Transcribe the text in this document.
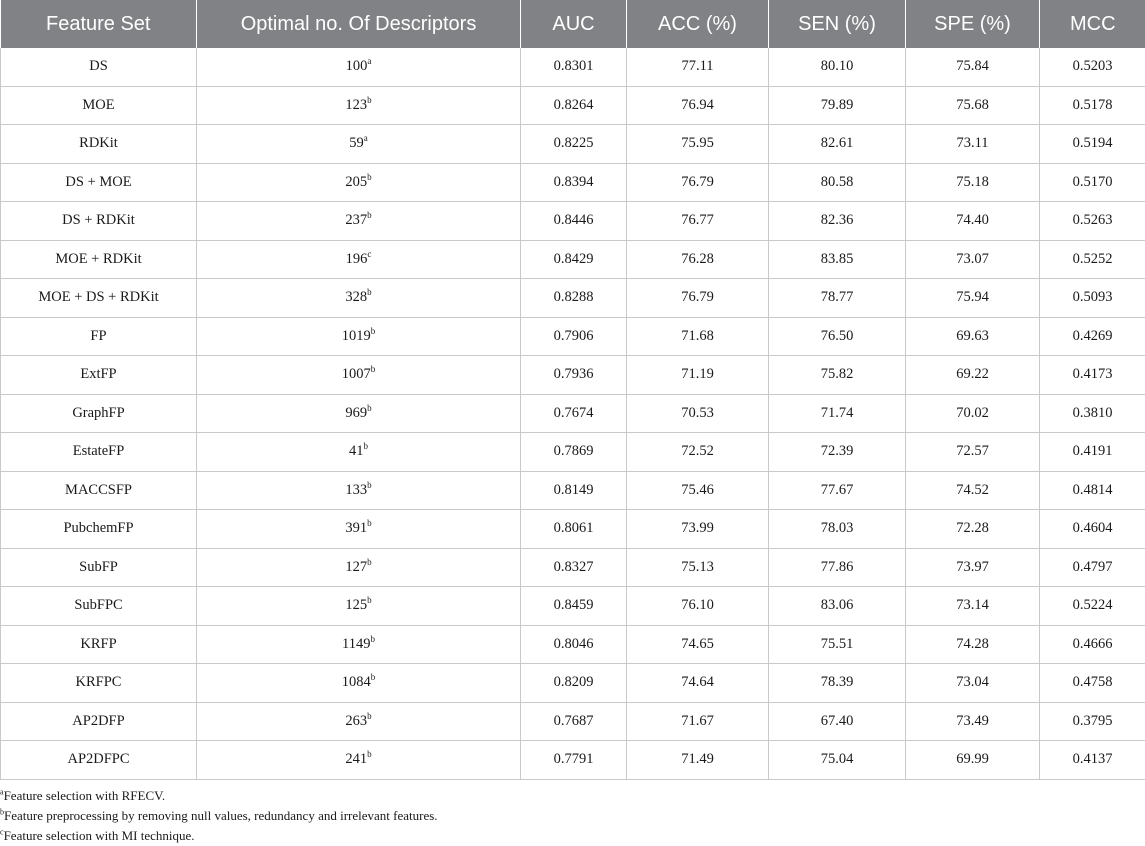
Feature Set	Optimal no. Of Descriptors	AUC	ACC (%)	SEN (%)	SPE (%)	MCC
DS	100$^a$	0.8301	77.11	80.10	75.84	0.5203
MOE	123$^b$	0.8264	76.94	79.89	75.68	0.5178
RDKit	59$^a$	0.8225	75.95	82.61	73.11	0.5194
DS + MOE	205$^b$	0.8394	76.79	80.58	75.18	0.5170
DS + RDKit	237$^b$	0.8446	76.77	82.36	74.40	0.5263
MOE + RDKit	196$^c$	0.8429	76.28	83.85	73.07	0.5252
MOE + DS + RDKit	328$^b$	0.8288	76.79	78.77	75.94	0.5093
FP	1019$^b$	0.7906	71.68	76.50	69.63	0.4269
ExtFP	1007$^b$	0.7936	71.19	75.82	69.22	0.4173
GraphFP	969$^b$	0.7674	70.53	71.74	70.02	0.3810
EstateFP	41$^b$	0.7869	72.52	72.39	72.57	0.4191
MACCSFP	133$^b$	0.8149	75.46	77.67	74.52	0.4814
PubchemFP	391$^b$	0.8061	73.99	78.03	72.28	0.4604
SubFP	127$^b$	0.8327	75.13	77.86	73.97	0.4797
SubFPC	125$^b$	0.8459	76.10	83.06	73.14	0.5224
KRFP	1149$^b$	0.8046	74.65	75.51	74.28	0.4666
KRFPC	1084$^b$	0.8209	74.64	78.39	73.04	0.4758
AP2DFP	263$^b$	0.7687	71.67	67.40	73.49	0.3795
AP2DFPC	241$^b$	0.7791	71.49	75.04	69.99	0.4137
$^a$Feature selection with RFECV.
$^b$Feature preprocessing by removing null values, redundancy and irrelevant features.
$^c$Feature selection with MI technique.
